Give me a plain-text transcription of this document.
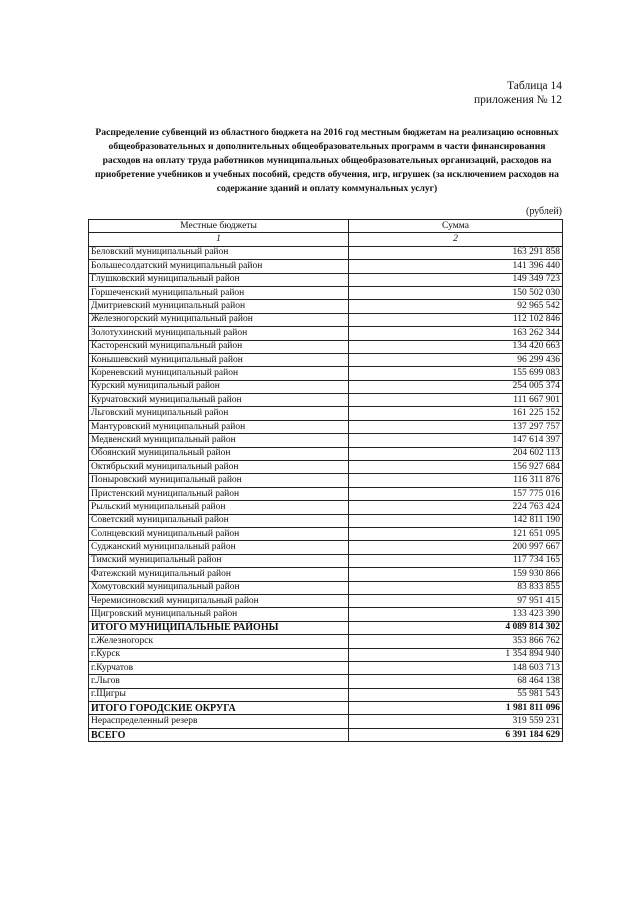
Таблица 14
приложения № 12
Распределение субвенций из областного бюджета на 2016 год местным бюджетам на реализацию основных общеобразовательных и дополнительных общеобразовательных программ в части финансирования расходов на оплату труда работников муниципальных общеобразовательных организаций, расходов на приобретение учебников и учебных пособий, средств обучения, игр, игрушек (за исключением расходов на содержание зданий и оплату коммунальных услуг)
(рублей)
Местные бюджеты	Сумма
1	2
Беловский муниципальный район	163 291 858
Большесолдатский муниципальный район	141 396 440
Глушковский муниципальный район	149 349 723
Горшеченский муниципальный район	150 502 030
Дмитриевский муниципальный район	92 965 542
Железногорский муниципальный район	112 102 846
Золотухинский муниципальный район	163 262 344
Касторенский муниципальный район	134 420 663
Конышевский муниципальный район	96 299 436
Кореневский муниципальный район	155 699 083
Курский муниципальный район	254 005 374
Курчатовский муниципальный район	111 667 901
Льговский муниципальный район	161 225 152
Мантуровский муниципальный район	137 297 757
Медвенский муниципальный район	147 614 397
Обоянский муниципальный район	204 602 113
Октябрьский муниципальный район	156 927 684
Поныровский муниципальный район	116 311 876
Пристенский муниципальный район	157 775 016
Рыльский муниципальный район	224 763 424
Советский муниципальный район	142 811 190
Солнцевский муниципальный район	121 651 095
Суджанский муниципальный район	200 997 667
Тимский муниципальный район	117 734 165
Фатежский муниципальный район	159 930 866
Хомутовский муниципальный район	83 833 855
Черемисиновский муниципальный район	97 951 415
Щигровский муниципальный район	133 423 390
ИТОГО МУНИЦИПАЛЬНЫЕ РАЙОНЫ	4 089 814 302
г.Железногорск	353 866 762
г.Курск	1 354 894 940
г.Курчатов	148 603 713
г.Льгов	68 464 138
г.Щигры	55 981 543
ИТОГО ГОРОДСКИЕ ОКРУГА	1 981 811 096
Нераспределенный резерв	319 559 231
ВСЕГО	6 391 184 629
